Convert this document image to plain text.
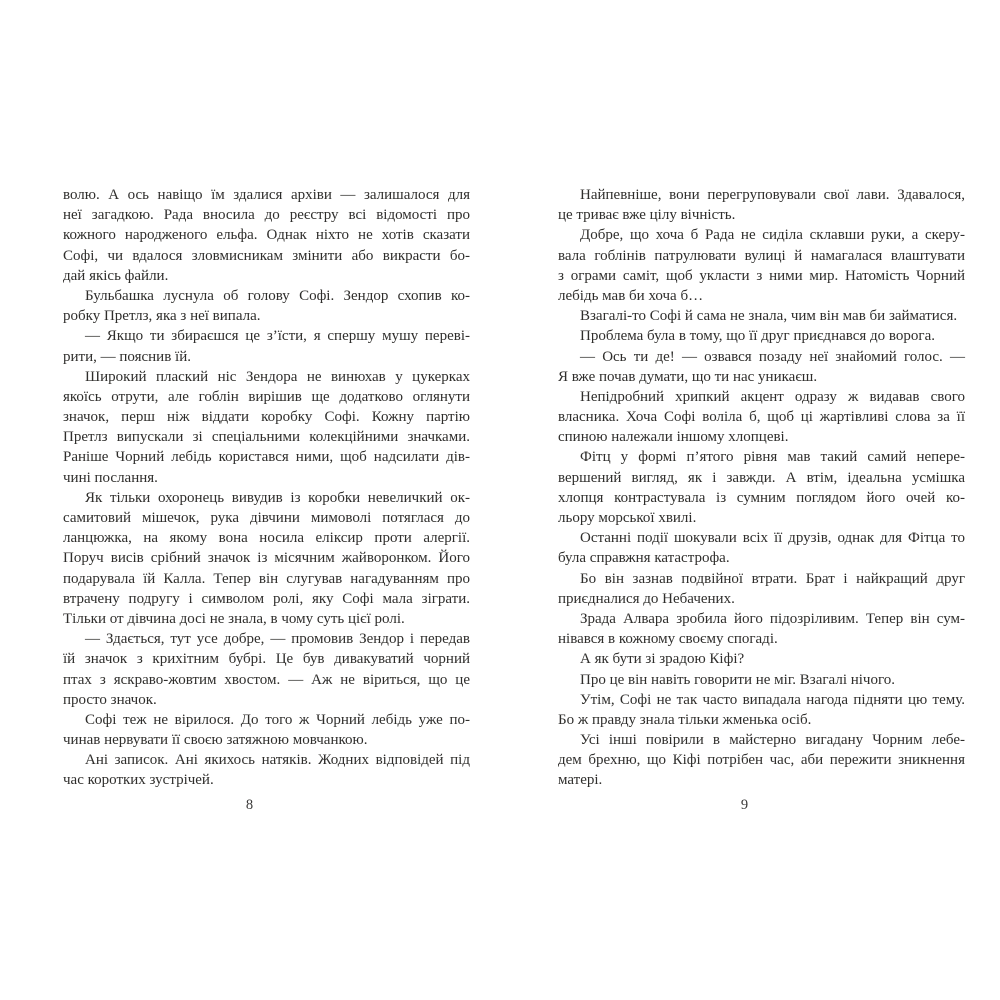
волю. А ось навіщо їм здалися архіви — залишалося для
неї загадкою. Рада вносила до реєстру всі відомості про
кожного народженого ельфа. Однак ніхто не хотів сказати
Софі, чи вдалося зловмисникам змінити або викрасти бо-
дай якісь файли.
Бульбашка луснула об голову Софі. Зендор схопив ко-
робку Претлз, яка з неї випала.
— Якщо ти збираєшся це з’їсти, я спершу мушу переві-
рити, — пояснив їй.
Широкий плаский ніс Зендора не винюхав у цукерках
якоїсь отрути, але гоблін вирішив ще додатково оглянути
значок, перш ніж віддати коробку Софі. Кожну партію
Претлз випускали зі спеціальними колекційними значками.
Раніше Чорний лебідь користався ними, щоб надсилати дів-
чині послання.
Як тільки охоронець вивудив із коробки невеличкий ок-
самитовий мішечок, рука дівчини мимоволі потяглася до
ланцюжка, на якому вона носила еліксир проти алергії.
Поруч висів срібний значок із місячним жайворонком. Його
подарувала їй Калла. Тепер він слугував нагадуванням про
втрачену подругу і символом ролі, яку Софі мала зіграти.
Тільки от дівчина досі не знала, в чому суть цієї ролі.
— Здається, тут усе добре, — промовив Зендор і передав
їй значок з крихітним бубрі. Це був дивакуватий чорний
птах з яскраво-жовтим хвостом. — Аж не віриться, що це
просто значок.
Софі теж не вірилося. До того ж Чорний лебідь уже по-
чинав нервувати її своєю затяжною мовчанкою.
Ані записок. Ані якихось натяків. Жодних відповідей під
час коротких зустрічей.
8
Найпевніше, вони перегруповували свої лави. Здавалося,
це триває вже цілу вічність.
Добре, що хоча б Рада не сиділа склавши руки, а скеру-
вала гоблінів патрулювати вулиці й намагалася влаштувати
з ограми саміт, щоб укласти з ними мир. Натомість Чорний
лебідь мав би хоча б…
Взагалі-то Софі й сама не знала, чим він мав би займатися.
Проблема була в тому, що її друг приєднався до ворога.
— Ось ти де! — озвався позаду неї знайомий голос. —
Я вже почав думати, що ти нас уникаєш.
Непідробний хрипкий акцент одразу ж видавав свого
власника. Хоча Софі воліла б, щоб ці жартівливі слова за її
спиною належали іншому хлопцеві.
Фітц у формі п’ятого рівня мав такий самий непере-
вершений вигляд, як і завжди. А втім, ідеальна усмішка
хлопця контрастувала із сумним поглядом його очей ко-
льору морської хвилі.
Останні події шокували всіх її друзів, однак для Фітца то
була справжня катастрофа.
Бо він зазнав подвійної втрати. Брат і найкращий друг
приєдналися до Небачених.
Зрада Алвара зробила його підозріливим. Тепер він сум-
нівався в кожному своєму спогаді.
А як бути зі зрадою Кіфі?
Про це він навіть говорити не міг. Взагалі нічого.
Утім, Софі не так часто випадала нагода підняти цю тему.
Бо ж правду знала тільки жменька осіб.
Усі інші повірили в майстерно вигадану Чорним лебе-
дем брехню, що Кіфі потрібен час, аби пережити зникнення
матері.
9
